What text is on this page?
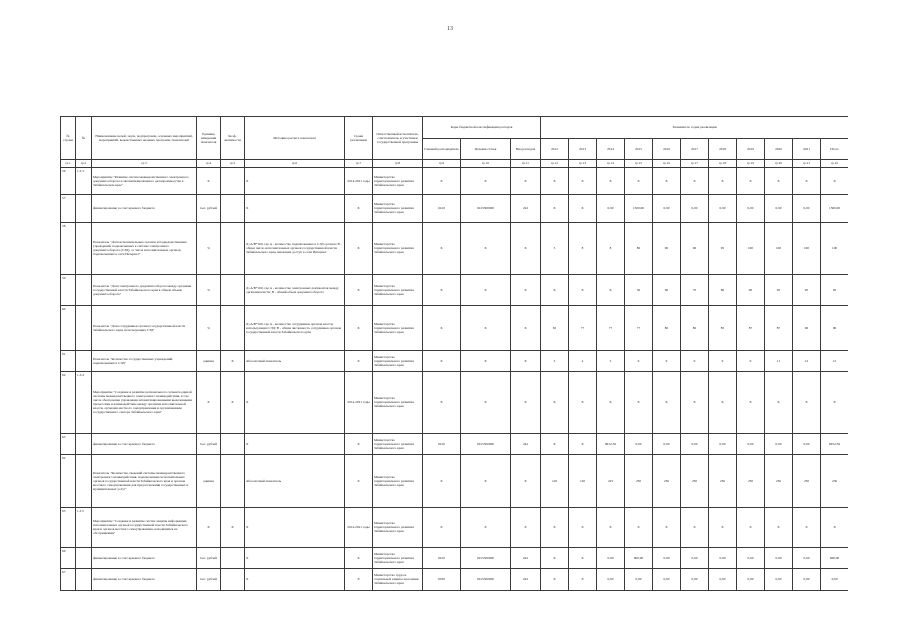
13
№ строки	№	Наименование целей, задач, подпрограмм, основных мероприятий, мероприятий, ведомственных целевых программ, показателей	Единица измерения показателя	Коэф. значимости	Методика расчета показателя	Сроки реализации	Ответственный исполнитель, соисполнитель и участники государственной программы	Коды бюджетной классификации расходов			Значения по годам реализации										
								Главный распорядитель	Целевая статья	Вид расходов	2012	2013	2014	2015	2016	2017	2018	2019	2020	2021	Итого
гр.1	гр.2	гр.3	гр.4	гр.5	гр.6	гр.7	гр.8	гр.9	гр.10	гр.11	гр.12	гр.13	гр.14	гр.15	гр.16	гр.17	гр.18	гр.19	гр.20	гр.21	гр.22
56	1.3.3	Мероприятие "Развитие систем межведомственного электронного документооборота и автоматизированного делопроизводства в Забайкальском крае"	X		X	2014-2021 годы	Министерство территориального развития Забайкальского края	X	X	X	X	X	X	X	X	X	X	X	X	X	X
57		финансирование за счет краевого бюджета	тыс. рублей		X	X	Министерство территориального развития Забайкальского края	0410	0415300000	242	X	X	0,00	1500,00	0,00	0,00	0,00	0,00	0,00	0,00	1500,00
58		Показатель "Доля исполнительных органов и подведомственных учреждений, подключенных к системе электронного документооборота (СЭД), от числа исполнительных органов, подключенных к сети Интернет"	%		Д=А/В*100, где А - количество подключенных к СЭД органов; В - общее число исполнительных органов государственной власти Забайкальского края, имеющих доступ к сети Интернет	X	Министерство территориального развития Забайкальского края	X	X	X	5	8	8	80	90	90	95	100	100	100	100
59		Показатель "Доля электронного документооборота между органами государственной власти Забайкальского края в общем объеме документооборота"	%		Д=А/В*100, где А - количество электронных документов между органами власти; В - общий объем документооборота	X	Министерство территориального развития Забайкальского края	X	X	X	X	X	X	50	60	70	80	90	95	95	95
60		Показатель "Доля сотрудников органов государственной власти Забайкальского края, использующих СЭД"	%		Д=А/В*100, где А - количество сотрудников органов власти, использующих СЭД; В - общая численность сотрудников органов государственной власти Забайкальского края	X	Министерство территориального развития Забайкальского края	X	X	X	65	77	77	77	80	80	85	87	87	90	90
61		Показатель "Количество государственных учреждений, подключенных к СЭД"	единиц	X	Абсолютный показатель	X	Министерство территориального развития Забайкальского края	X	X	X	3	4	5	6	9	9	9	9	11	12	12
62	1.3.4	Мероприятие "Создание и развитие регионального сегмента единой системы межведомственного электронного взаимодействия, в том числе обеспечение управления автоматизированными выделенными процессами и взаимодействие между органами исполнительной власти, органами местного самоуправления и организациями государственного сектора Забайкальского края"	X	X	X	2014-2021 годы	Министерство территориального развития Забайкальского края	X	X	X	X	X	X	X	X	X	X	X	X	X	X
63		финансирование за счет краевого бюджета	тыс. рублей		X	X	Министерство территориального развития Забайкальского края	0410	0415300000	242	X	X	8912,59	0,00	0,00	0,00	0,00	0,00	0,00	0,00	8912,59
64		Показатель "Количество сведений системы межведомственного электронного взаимодействия, подключенных исполнительных органов государственной власти Забайкальского края и органов местного самоуправления для предоставления государственных и муниципальных услуг"	единиц		Абсолютный показатель	X	Министерство территориального развития Забайкальского края	X	X	X	120	120	225	230	230	230	230	230	230	230	230
65	1.3.5	Мероприятие "Создание и развитие систем защиты информации исполнительных органов государственной власти Забайкальского края и органов местного самоуправления, находящихся на обслуживании"	X	X	X	2014-2021 годы	Министерство территориального развития Забайкальского края	X	X	X	X	X	X	X	X	X	X	X	X	X	X
66		финансирование за счет краевого бюджета	тыс. рублей		X	X	Министерство территориального развития Забайкальского края	0410	0415300000	242	X	X	0,00	600,00	0,00	0,00	0,00	0,00	0,00	0,00	600,00
67		финансирование за счет краевого бюджета	тыс. рублей		X	X	Министерство труда и социальной защиты населения Забайкальского края	0430	0415300000	242	X	X	0,00	0,00	0,00	0,00	0,00	0,00	0,00	0,00	0,00
